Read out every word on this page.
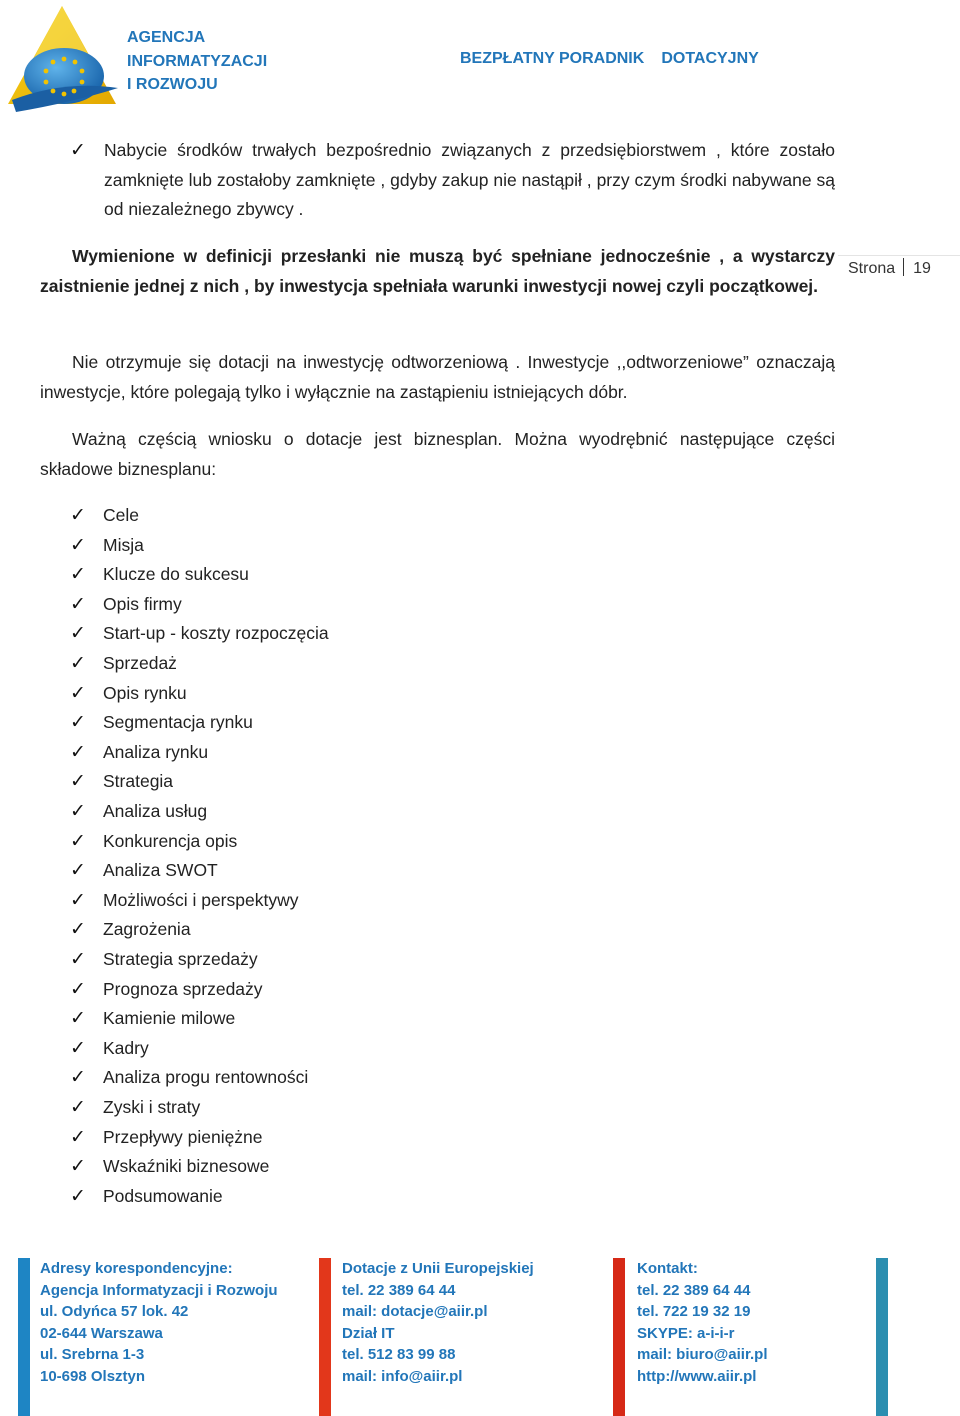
AGENCJA
INFORMATYZACJI
I ROZWOJU
BEZPŁATNY PORADNIK DOTACYJNY
Strona 19
✓	Nabycie środków trwałych bezpośrednio związanych z przedsiębiorstwem , które zostało zamknięte lub zostałoby zamknięte , gdyby zakup nie nastąpił , przy czym środki nabywane są od niezależnego zbywcy .
Wymienione w definicji przesłanki nie muszą być spełniane jednocześnie , a wystarczy zaistnienie jednej z nich , by inwestycja spełniała warunki inwestycji nowej czyli początkowej.
Nie otrzymuje się dotacji na inwestycję odtworzeniową . Inwestycje ,,odtworzeniowe” oznaczają inwestycje, które polegają tylko i wyłącznie na zastąpieniu istniejących dóbr.
Ważną częścią wniosku o dotacje jest biznesplan. Można wyodrębnić następujące części składowe biznesplanu:
✓ Cele
✓ Misja
✓ Klucze do sukcesu
✓ Opis firmy
✓ Start-up - koszty rozpoczęcia
✓ Sprzedaż
✓ Opis rynku
✓ Segmentacja rynku
✓ Analiza rynku
✓ Strategia
✓ Analiza usług
✓ Konkurencja opis
✓ Analiza SWOT
✓ Możliwości i perspektywy
✓ Zagrożenia
✓ Strategia sprzedaży
✓ Prognoza sprzedaży
✓ Kamienie milowe
✓ Kadry
✓ Analiza progu rentowności
✓ Zyski i straty
✓ Przepływy pieniężne
✓ Wskaźniki biznesowe
✓ Podsumowanie
Adresy korespondencyjne:
Agencja Informatyzacji i Rozwoju
ul. Odyńca 57 lok. 42
02-644 Warszawa
ul. Srebrna 1-3
10-698 Olsztyn
Dotacje z Unii Europejskiej
tel. 22 389 64 44
mail: dotacje@aiir.pl
Dział IT
tel. 512 83 99 88
mail: info@aiir.pl
Kontakt:
tel. 22 389 64 44
tel. 722 19 32 19
SKYPE: a-i-i-r
mail: biuro@aiir.pl
http://www.aiir.pl
